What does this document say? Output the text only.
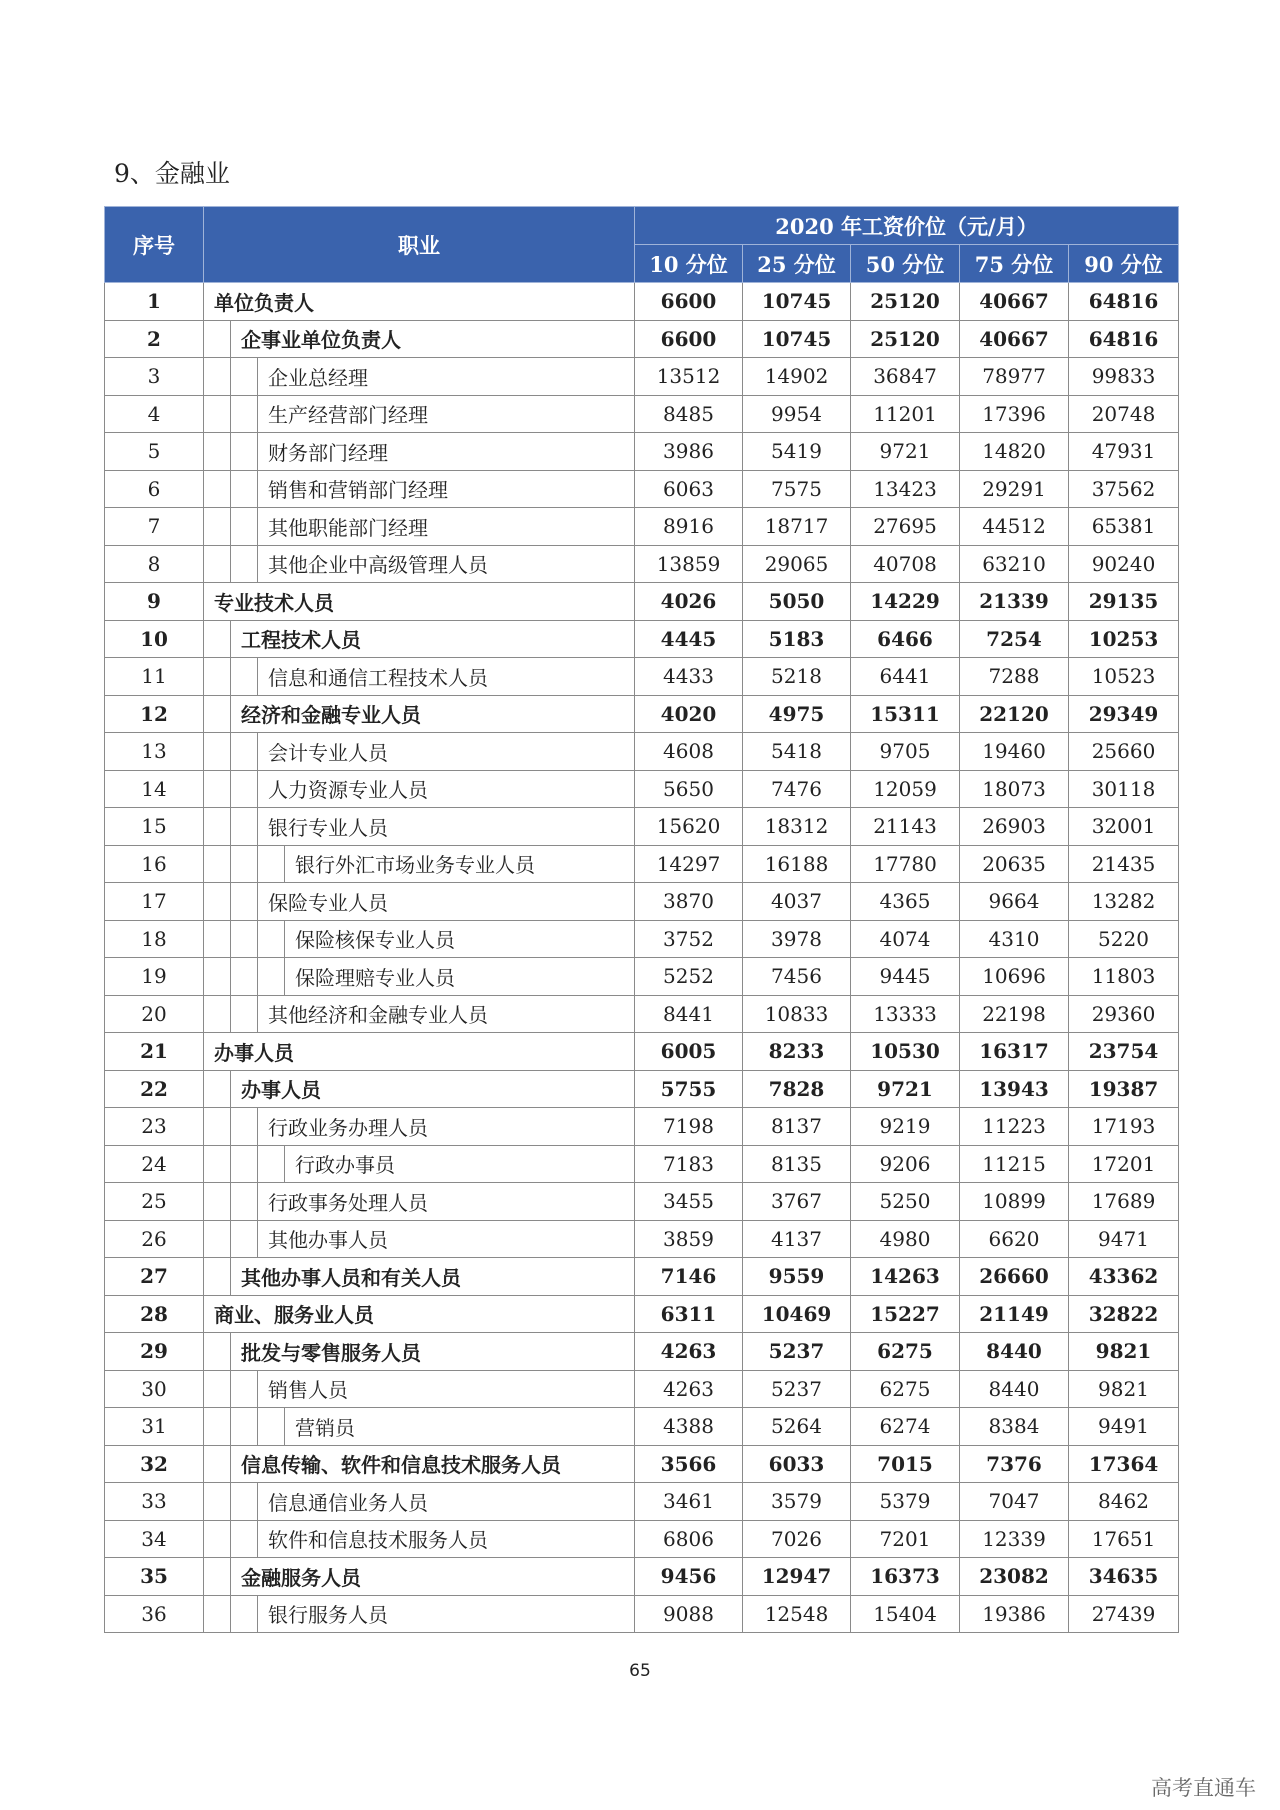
9、金融业
序号	职业	2020 年工资价位（元/月）				
		10 分位	25 分位	50 分位	75 分位	90 分位
1	单位负责人	6600	10745	25120	40667	64816
2	企事业单位负责人	6600	10745	25120	40667	64816
3	企业总经理	13512	14902	36847	78977	99833
4	生产经营部门经理	8485	9954	11201	17396	20748
5	财务部门经理	3986	5419	9721	14820	47931
6	销售和营销部门经理	6063	7575	13423	29291	37562
7	其他职能部门经理	8916	18717	27695	44512	65381
8	其他企业中高级管理人员	13859	29065	40708	63210	90240
9	专业技术人员	4026	5050	14229	21339	29135
10	工程技术人员	4445	5183	6466	7254	10253
11	信息和通信工程技术人员	4433	5218	6441	7288	10523
12	经济和金融专业人员	4020	4975	15311	22120	29349
13	会计专业人员	4608	5418	9705	19460	25660
14	人力资源专业人员	5650	7476	12059	18073	30118
15	银行专业人员	15620	18312	21143	26903	32001
16	银行外汇市场业务专业人员	14297	16188	17780	20635	21435
17	保险专业人员	3870	4037	4365	9664	13282
18	保险核保专业人员	3752	3978	4074	4310	5220
19	保险理赔专业人员	5252	7456	9445	10696	11803
20	其他经济和金融专业人员	8441	10833	13333	22198	29360
21	办事人员	6005	8233	10530	16317	23754
22	办事人员	5755	7828	9721	13943	19387
23	行政业务办理人员	7198	8137	9219	11223	17193
24	行政办事员	7183	8135	9206	11215	17201
25	行政事务处理人员	3455	3767	5250	10899	17689
26	其他办事人员	3859	4137	4980	6620	9471
27	其他办事人员和有关人员	7146	9559	14263	26660	43362
28	商业、服务业人员	6311	10469	15227	21149	32822
29	批发与零售服务人员	4263	5237	6275	8440	9821
30	销售人员	4263	5237	6275	8440	9821
31	营销员	4388	5264	6274	8384	9491
32	信息传输、软件和信息技术服务人员	3566	6033	7015	7376	17364
33	信息通信业务人员	3461	3579	5379	7047	8462
34	软件和信息技术服务人员	6806	7026	7201	12339	17651
35	金融服务人员	9456	12947	16373	23082	34635
36	银行服务人员	9088	12548	15404	19386	27439
65
高考直通车
